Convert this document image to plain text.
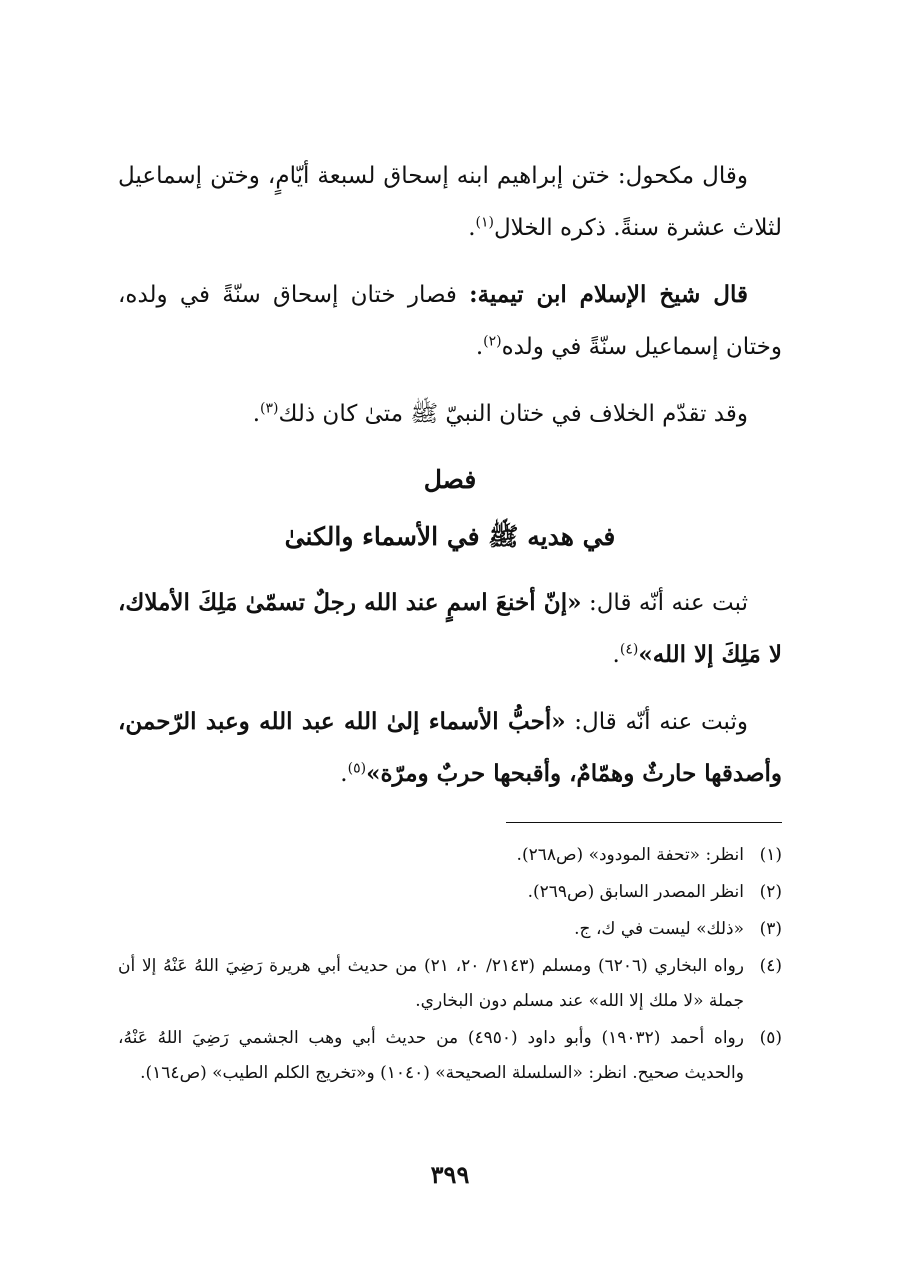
وقال مكحول: ختن إبراهيم ابنه إسحاق لسبعة أيّامٍ، وختن إسماعيل لثلاث عشرة سنةً. ذكره الخلال$^{(١)}$.

قال شيخ الإسلام ابن تيمية: فصار ختان إسحاق سنّةً في ولده، وختان إسماعيل سنّةً في ولده$^{(٢)}$.

وقد تقدّم الخلاف في ختان النبيّ ﷺ متىٰ كان ذلك$^{(٣)}$.

فصل
في هديه ﷺ في الأسماء والكنىٰ

ثبت عنه أنّه قال: «إنّ أخنعَ اسمٍ عند الله رجلٌ تسمّىٰ مَلِكَ الأملاك، لا مَلِكَ إلا الله»$^{(٤)}$.

وثبت عنه أنّه قال: «أحبُّ الأسماء إلىٰ الله عبد الله وعبد الرّحمن، وأصدقها حارثٌ وهمّامٌ، وأقبحها حربٌ ومرّة»$^{(٥)}$.

(١)
انظر: «تحفة المودود» (ص٢٦٨).
(٢)
انظر المصدر السابق (ص٢٦٩).
(٣)
«ذلك» ليست في ك، ج.
(٤)
رواه البخاري (٦٢٠٦) ومسلم (٢١٤٣/ ٢٠، ٢١) من حديث أبي هريرة رَضِيَ اللهُ عَنْهُ إلا أن جملة «لا ملك إلا الله» عند مسلم دون البخاري.
(٥)
رواه أحمد (١٩٠٣٢) وأبو داود (٤٩٥٠) من حديث أبي وهب الجشمي رَضِيَ اللهُ عَنْهُ، والحديث صحيح. انظر: «السلسلة الصحيحة» (١٠٤٠) و«تخريج الكلم الطيب» (ص١٦٤).
٣٩٩
